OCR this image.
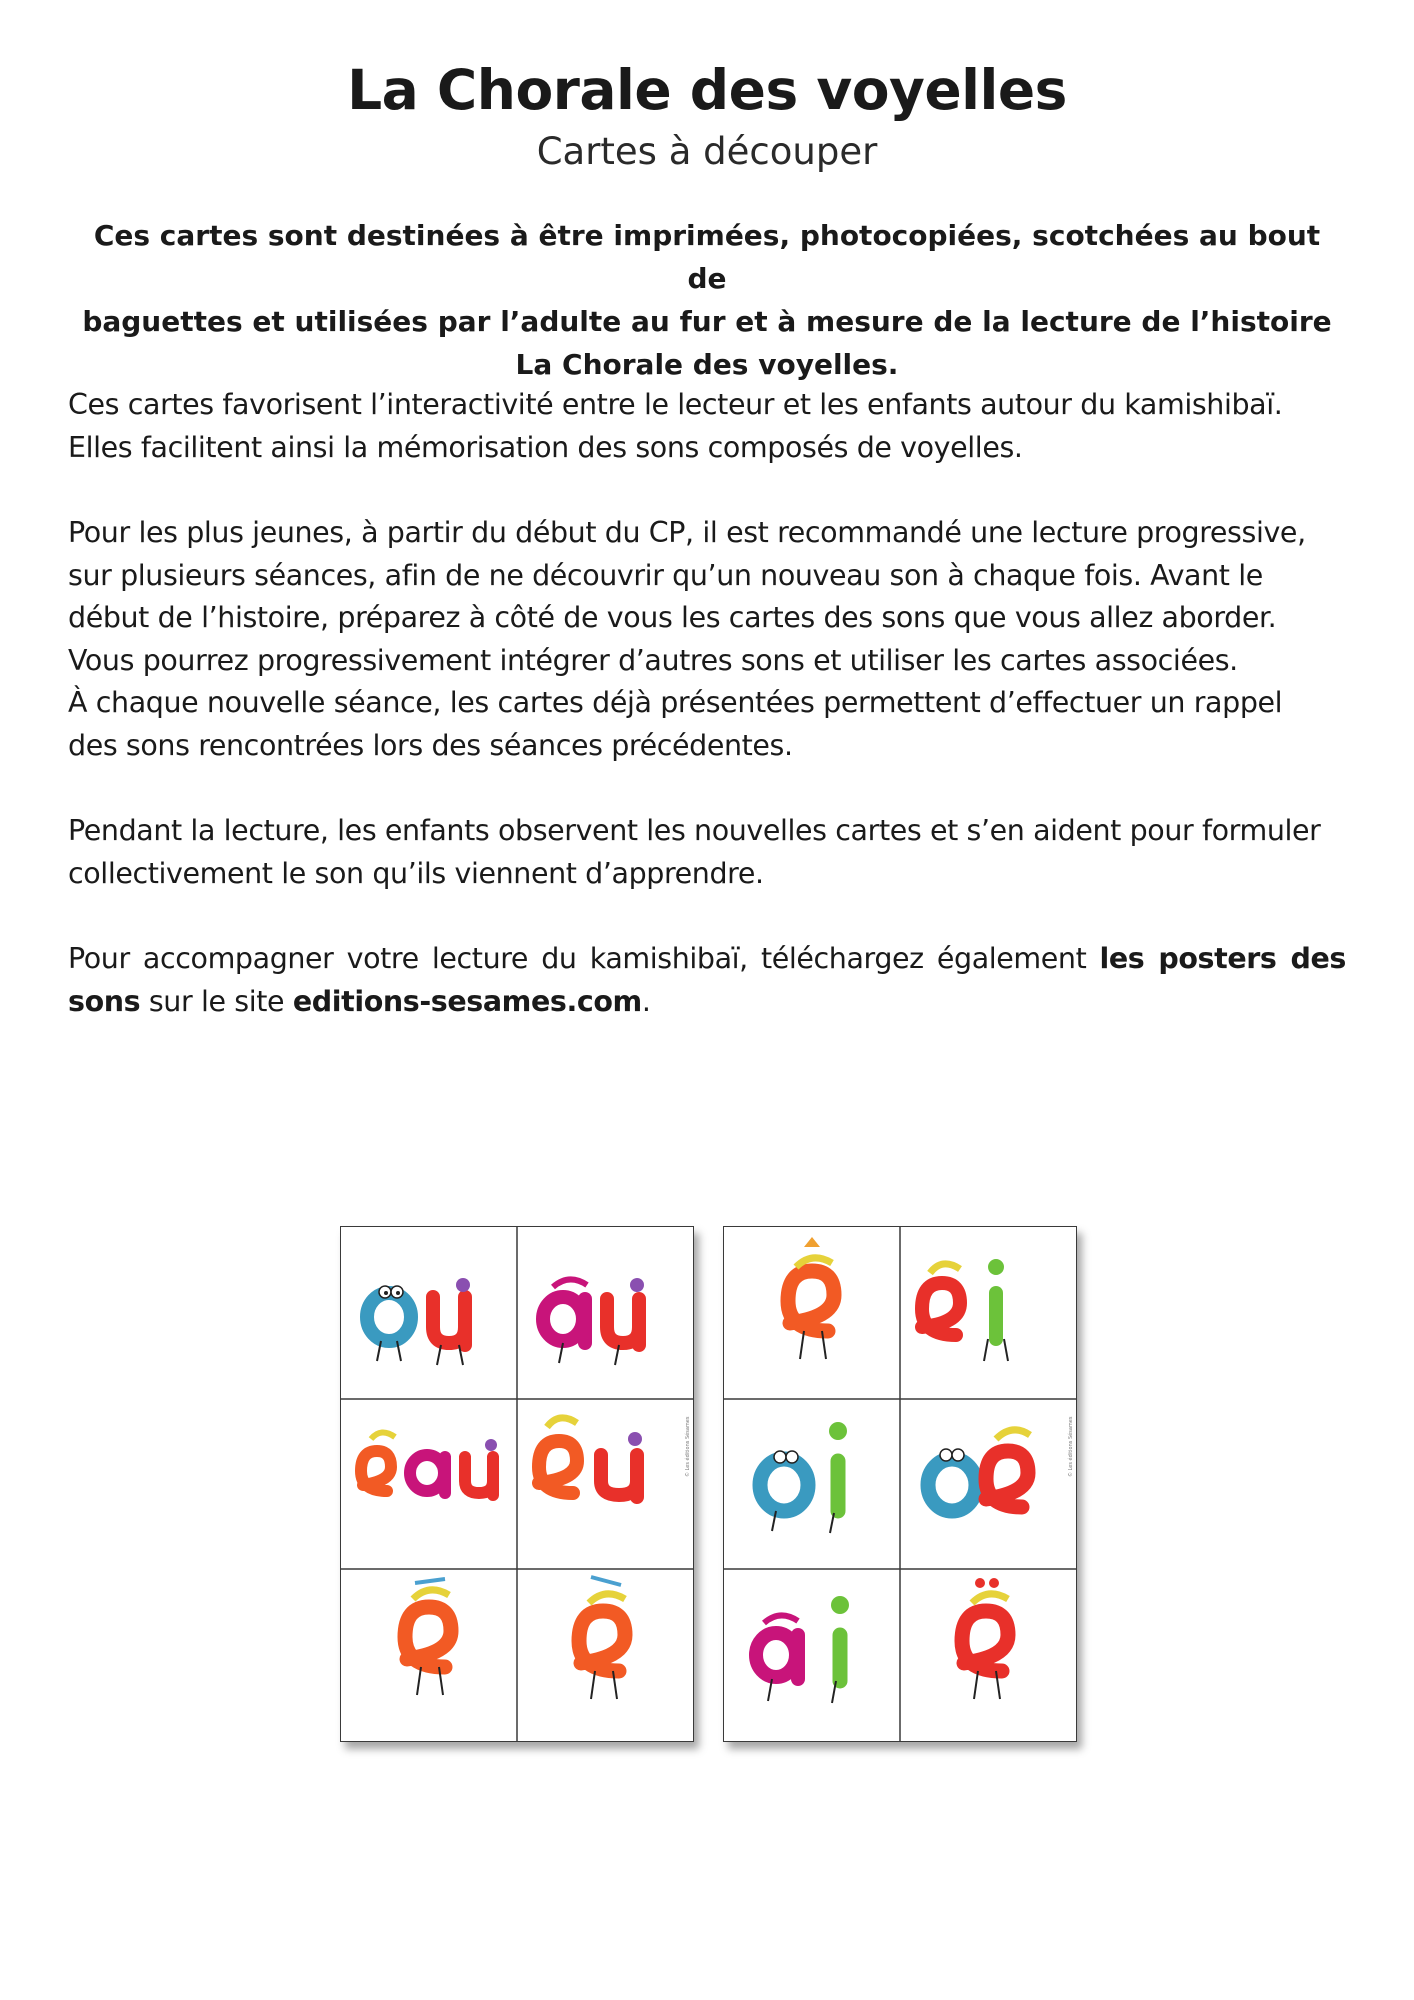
La Chorale des voyelles
Cartes à découper
Ces cartes sont destinées à être imprimées, photocopiées, scotchées au bout de
baguettes et utilisées par l’adulte au fur et à mesure de la lecture de l’histoire
La Chorale des voyelles.
Ces cartes favorisent l’interactivité entre le lecteur et les enfants autour du kamishibaï.
Elles facilitent ainsi la mémorisation des sons composés de voyelles.
Pour les plus jeunes, à partir du début du CP, il est recommandé une lecture progressive,
sur plusieurs séances, afin de ne découvrir qu’un nouveau son à chaque fois. Avant le
début de l’histoire, préparez à côté de vous les cartes des sons que vous allez aborder.
Vous pourrez progressivement intégrer d’autres sons et utiliser les cartes associées.
À chaque nouvelle séance, les cartes déjà présentées permettent d’effectuer un rappel
des sons rencontrées lors des séances précédentes.
Pendant la lecture, les enfants observent les nouvelles cartes et s’en aident pour formuler
collectivement le son qu’ils viennent d’apprendre.
Pour accompagner votre lecture du kamishibaï, téléchargez également les posters des sons sur le site editions-sesames.com.
© Les éditions Sésames	© Les éditions Sésames
